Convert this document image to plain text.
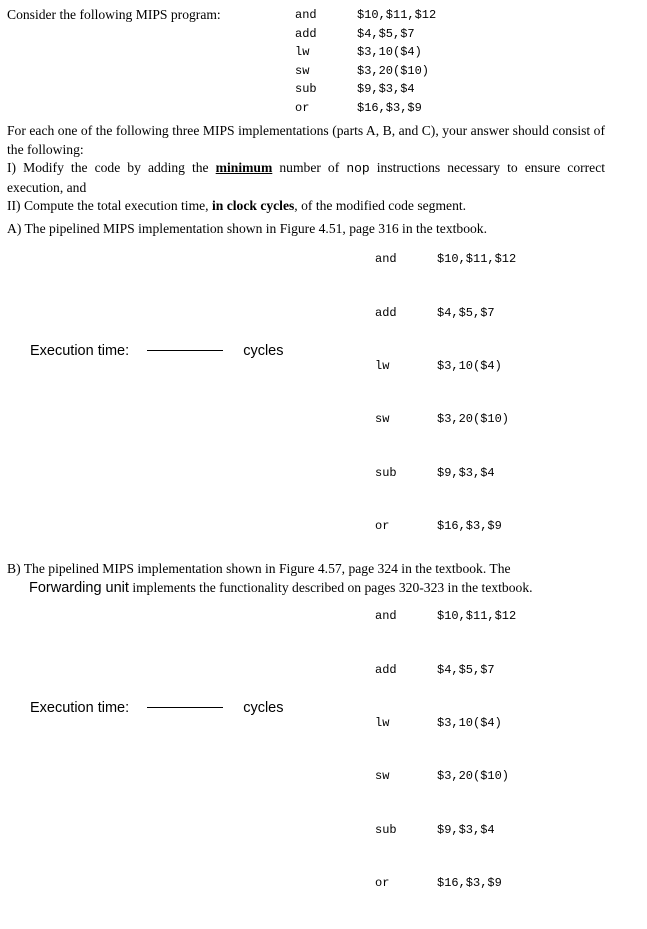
Consider the following MIPS program:	and	$10,$11,$12
add	$4,$5,$7
lw	$3,10($4)
sw	$3,20($10)
sub	$9,$3,$4
or	$16,$3,$9
For each one of the following three MIPS implementations (parts A, B, and C), your answer should consist of the following:
I) Modify the code by adding the minimum number of nop instructions necessary to ensure correct execution, and
II) Compute the total execution time, in clock cycles, of the modified code segment.
A) The pipelined MIPS implementation shown in Figure 4.51, page 316 in the textbook.
and	$10,$11,$12
add	$4,$5,$7
lw	$3,10($4)
sw	$3,20($10)
sub	$9,$3,$4
or	$16,$3,$9
Execution time:	cycles
B) The pipelined MIPS implementation shown in Figure 4.57, page 324 in the textbook. The
Forwarding unit implements the functionality described on pages 320-323 in the textbook.
and	$10,$11,$12
add	$4,$5,$7
lw	$3,10($4)
sw	$3,20($10)
sub	$9,$3,$4
or	$16,$3,$9
Execution time:	cycles
